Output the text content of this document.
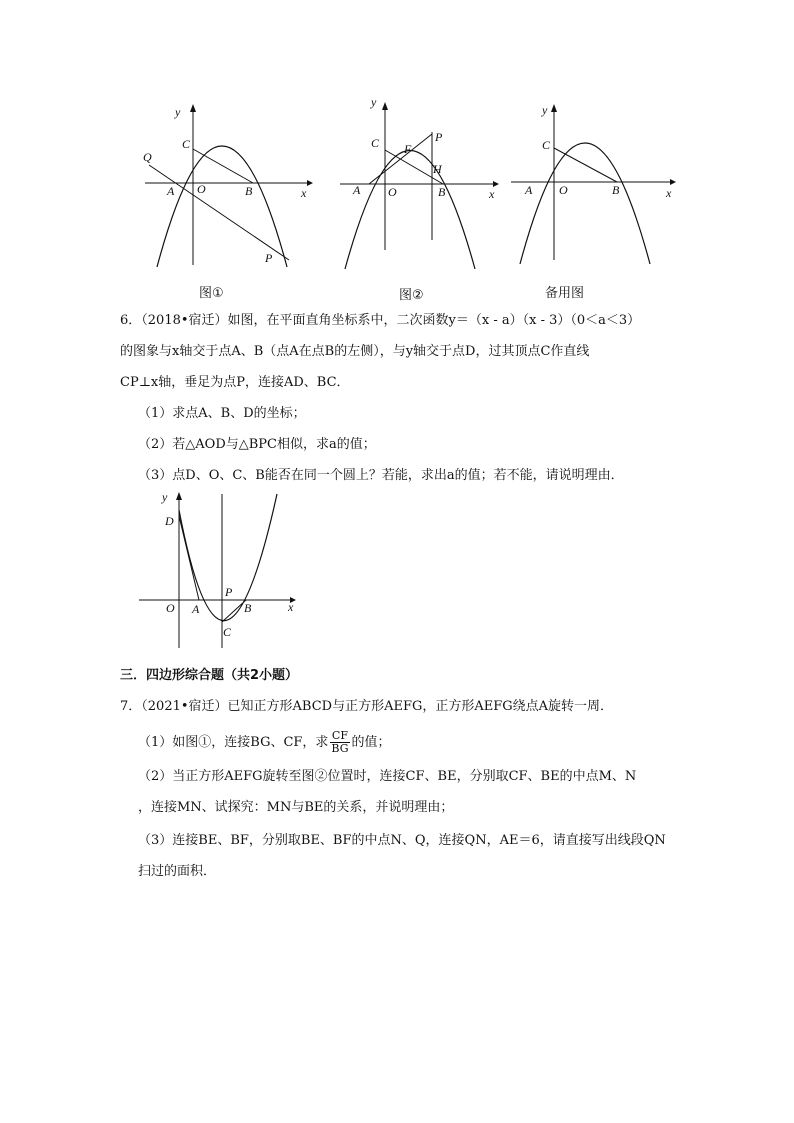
y
x
O
A	B
C
Q
P
图①
y
x
O
A	B
C	P
F
H
图②
y
x
O
A	B
C
备用图
6．（2018•宿迁）如图，在平面直角坐标系中，二次函数y＝（x - a）（x - 3）（0＜a＜3）
的图象与x轴交于点A、B（点A在点B的左侧），与y轴交于点D，过其顶点C作直线
CP⊥x轴，垂足为点P，连接AD、BC．
（1）求点A、B、D的坐标；
（2）若△AOD与△BPC相似，求a的值；
（3）点D、O、C、B能否在同一个圆上？若能，求出a的值；若不能，请说明理由．
y
x
O A	B
C
D
P
三．四边形综合题（共2小题）
7．（2021•宿迁）已知正方形ABCD与正方形AEFG，正方形AEFG绕点A旋转一周．
（1）如图①，连接BG、CF，求 $\frac{CF}{BG}$ 的值；
（2）当正方形AEFG旋转至图②位置时，连接CF、BE，分别取CF、BE的中点M、N
，连接MN、试探究：MN与BE的关系，并说明理由；
（3）连接BE、BF，分别取BE、BF的中点N、Q，连接QN，AE＝6，请直接写出线段QN
扫过的面积．
